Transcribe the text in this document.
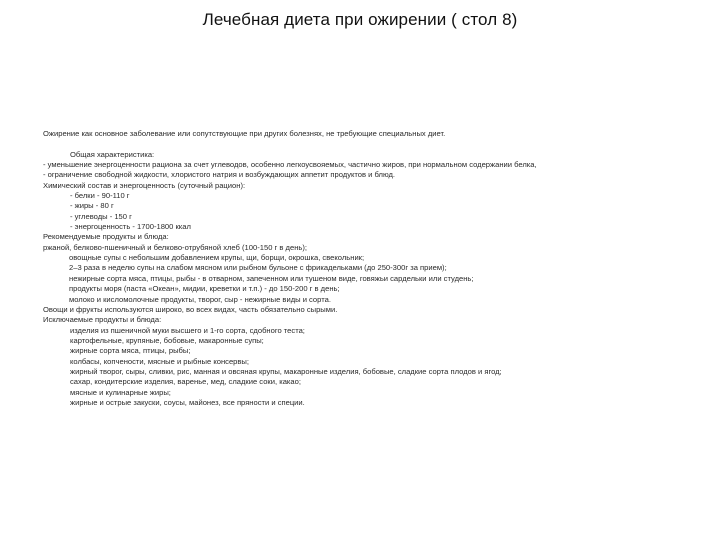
Лечебная диета при ожирении ( стол 8)
Ожирение как основное заболевание или сопутствующие при других болезнях, не требующие специальных диет.
Общая характеристика:
- уменьшение энергоценности рациона за счет углеводов, особенно легкоусвояемых, частично жиров, при нормальном содержании белка,
- ограничение свободной жидкости, хлористого натрия и возбуждающих аппетит продуктов и блюд.
Химический состав и энергоценность (суточный рацион):
- белки - 90-110 г
- жиры - 80 г
- углеводы - 150 г
- энергоценность - 1700-1800 ккал
Рекомендуемые продукты и блюда:
ржаной, белково-пшеничный и белково-отрубяной хлеб (100-150 г в день);
овощные супы с небольшим добавлением крупы, щи, борщи, окрошка, свекольник;
2–3 раза в неделю супы на слабом мясном или рыбном бульоне с фрикадельками (до 250-300г за прием);
нежирные сорта мяса, птицы, рыбы - в отварном, запеченном или тушеном виде, говяжьи сардельки или студень;
продукты моря (паста «Океан», мидии, креветки и т.п.) - до 150-200 г в день;
молоко и кисломолочные продукты, творог, сыр - нежирные виды и сорта.
Овощи и фрукты используются широко, во всех видах, часть обязательно сырыми.
Исключаемые продукты и блюда:
изделия из пшеничной муки высшего и 1-го сорта, сдобного теста;
картофельные, крупяные, бобовые, макаронные супы;
жирные сорта мяса, птицы, рыбы;
колбасы, копчености, мясные и рыбные консервы;
жирный творог, сыры, сливки, рис, манная и овсяная крупы, макаронные изделия, бобовые, сладкие сорта плодов и ягод;
сахар, кондитерские изделия, варенье, мед, сладкие соки, какао;
мясные и кулинарные жиры;
жирные и острые закуски, соусы, майонез, все пряности и специи.
